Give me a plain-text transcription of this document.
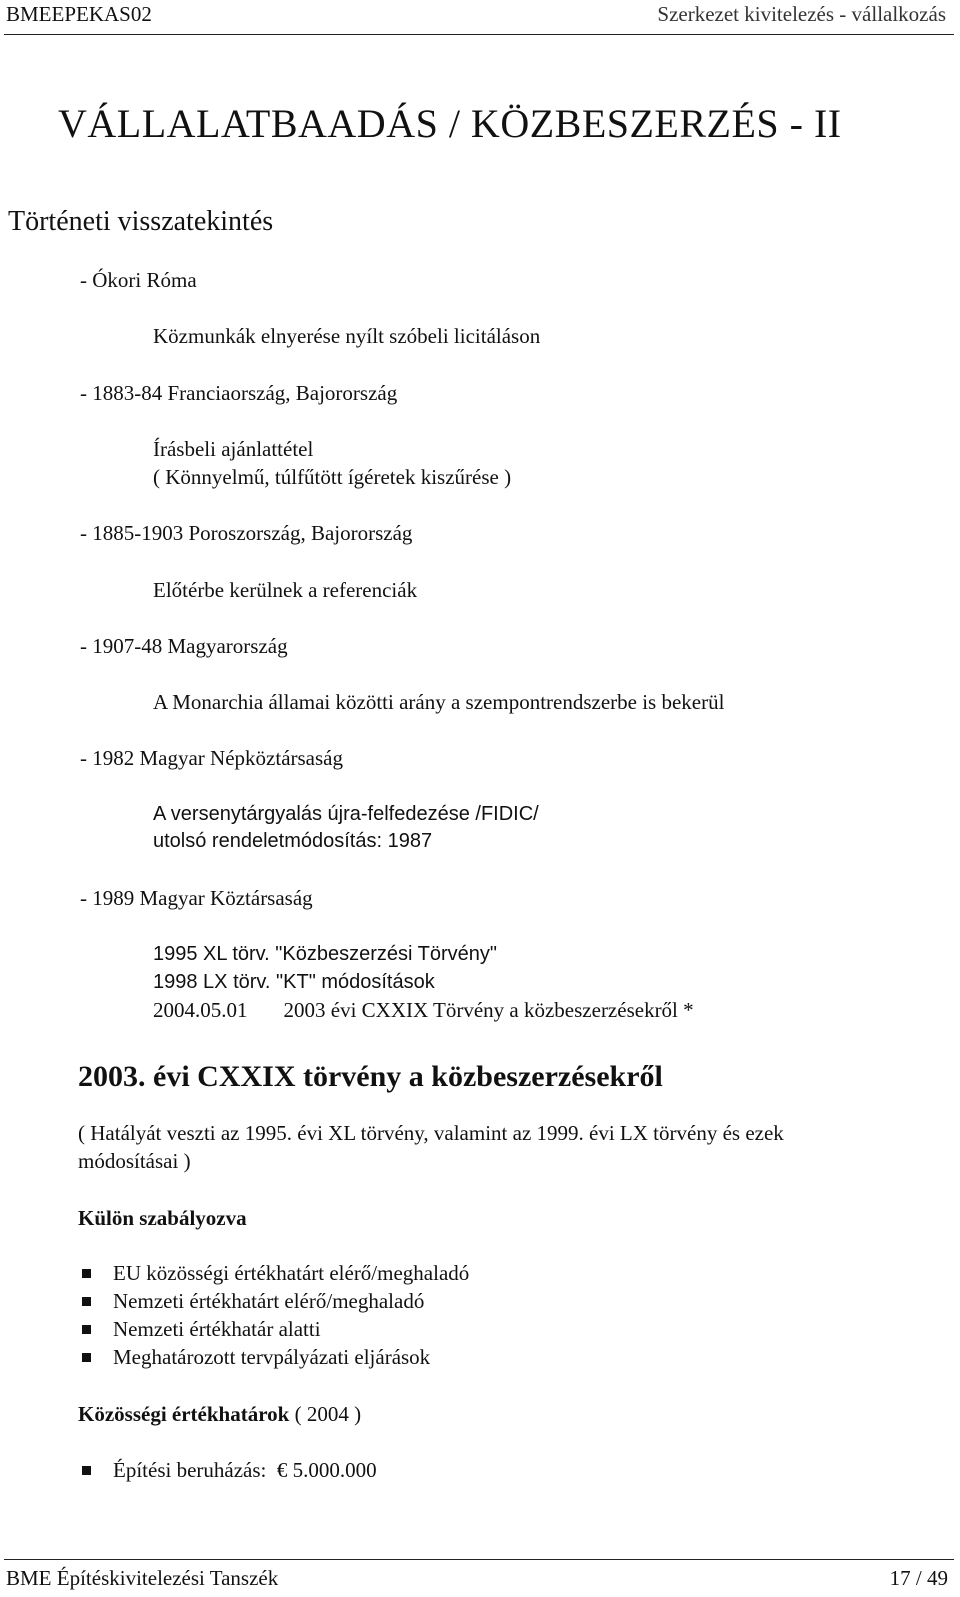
BMEEPEKAS02	Szerkezet kivitelezés - vállalkozás
VÁLLALATBAADÁS / KÖZBESZERZÉS - II
Történeti visszatekintés
- Ókori Róma
Közmunkák elnyerése nyílt szóbeli licitáláson
- 1883-84 Franciaország, Bajorország
Írásbeli ajánlattétel
( Könnyelmű, túlfűtött ígéretek kiszűrése )
- 1885-1903 Poroszország, Bajorország
Előtérbe kerülnek a referenciák
- 1907-48 Magyarország
A Monarchia államai közötti arány a szempontrendszerbe is bekerül
- 1982 Magyar Népköztársaság
A versenytárgyalás újra-felfedezése /FIDIC/
utolsó rendeletmódosítás: 1987
- 1989 Magyar Köztársaság
1995 XL törv. "Közbeszerzési Törvény"
1998 LX törv. "KT" módosítások
2004.05.01 2003 évi CXXIX Törvény a közbeszerzésekről *
2003. évi CXXIX törvény a közbeszerzésekről
( Hatályát veszti az 1995. évi XL törvény, valamint az 1999. évi LX törvény és ezek
módosításai )
Külön szabályozva
EU közösségi értékhatárt elérő/meghaladó
Nemzeti értékhatárt elérő/meghaladó
Nemzeti értékhatár alatti
Meghatározott tervpályázati eljárások
Közösségi értékhatárok ( 2004 )
Építési beruházás:  € 5.000.000
BME Építéskivitelezési Tanszék	17 / 49
